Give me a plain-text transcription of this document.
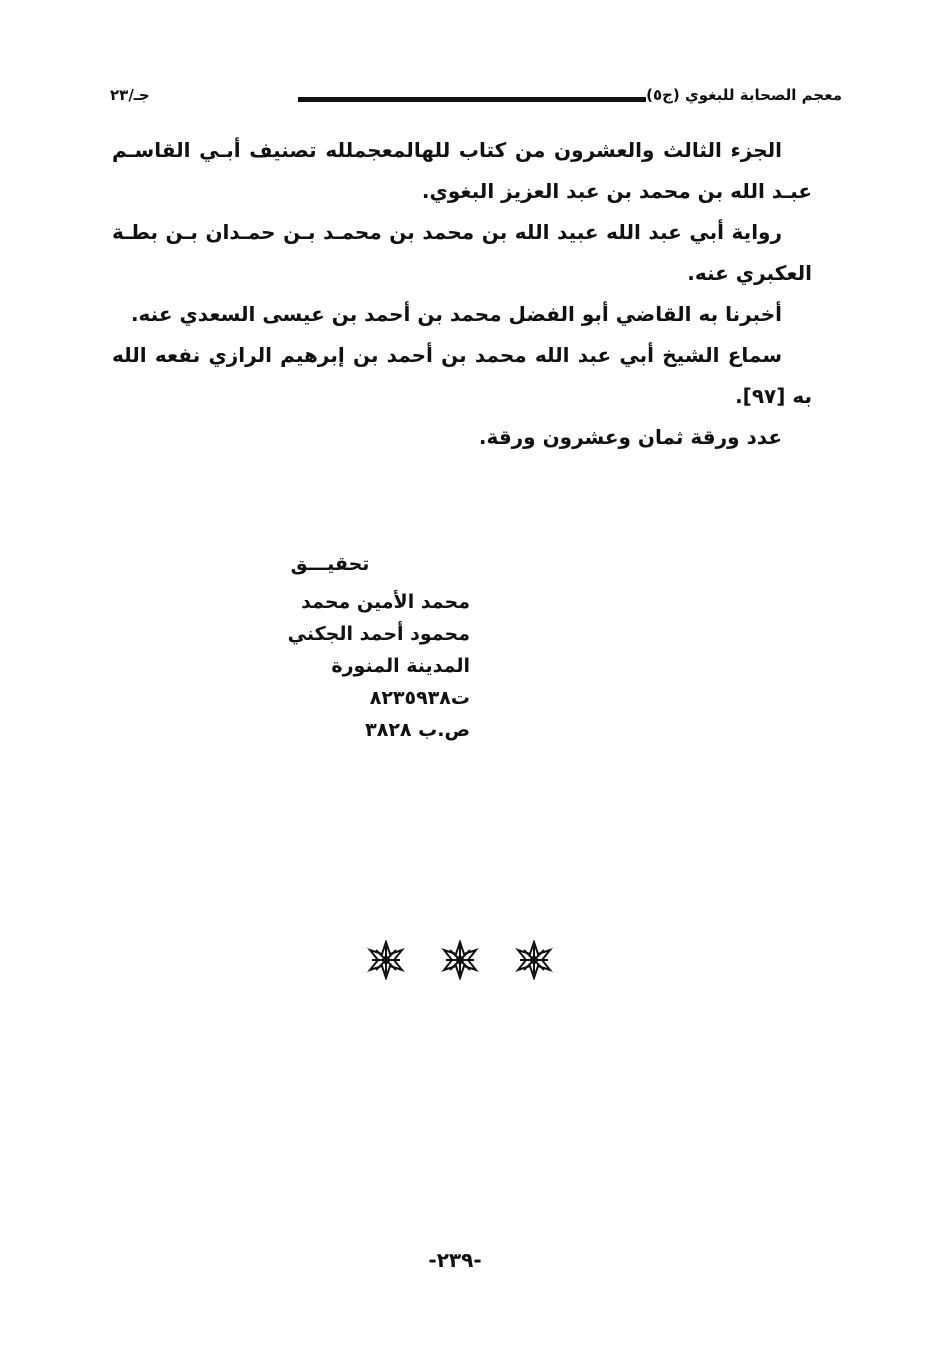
معجم الصحابة للبغوي (ج٥)
جـ/٢٣

الجزء الثالث والعشرون من كتاب للهالمعجملله تصنيف أبـي القاسـم عبـد الله بن محمد بن عبد العزيز البغوي.

رواية أبي عبد الله عبيد الله بن محمد بن محمـد بـن حمـدان بـن بطـة العكبري عنه.

أخبرنا به القاضي أبو الفضل محمد بن أحمد بن عيسى السعدي عنه.

سماع الشيخ أبي عبد الله محمد بن أحمد بن إبرهيم الرازي نفعه الله به [٩٧].

عدد ورقة ثمان وعشرون ورقة.

تحقيـــق
محمد الأمين محمد محمود أحمد الجكني
المدينة المنورة
ت٨٢٣٥٩٣٨
ص.ب ٣٨٢٨
-٢٣٩-
